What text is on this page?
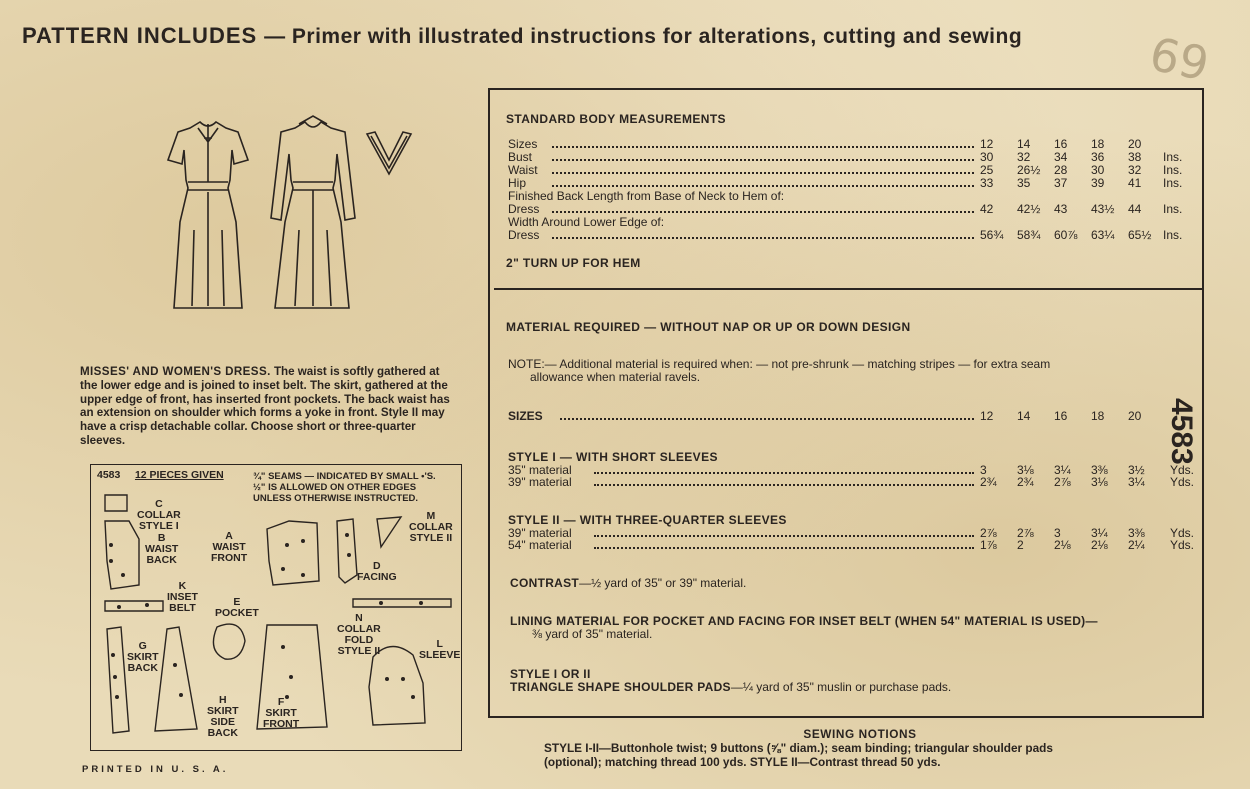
PATTERN INCLUDES — Primer with illustrated instructions for alterations, cutting and sewing	69
4583
MISSES' AND WOMEN'S DRESS. The waist is softly gathered at the lower edge and is joined to inset belt. The skirt, gathered at the upper edge of front, has inserted front pockets. The back waist has an extension on shoulder which forms a yoke in front. Style II may have a crisp detachable collar. Choose short or three-quarter sleeves.
4583 12 PIECES GIVEN	¾" SEAMS — INDICATED BY SMALL •'S.
½" IS ALLOWED ON OTHER EDGES
UNLESS OTHERWISE INSTRUCTED.
C
COLLAR
STYLE I
B
WAIST
BACK
A
WAIST
FRONT
M
COLLAR
STYLE II
D
FACING
K
INSET
BELT	E
POCKET	N
COLLAR
FOLD
STYLE II
L
SLEEVE
G
SKIRT
BACK
H
SKIRT
SIDE
BACK
F
SKIRT
FRONT
PRINTED IN U. S. A.
STANDARD BODY MEASUREMENTS
Sizes	12	14	16	18	20
Bust	30	32	34	36	38	Ins.
Waist	25	26½ 28	30	32	Ins.
Hip	33	35	37	39	41	Ins.
Finished Back Length from Base of Neck to Hem of:
Dress	42	42½ 43	43½ 44	Ins.
Width Around Lower Edge of:
Dress	56¾ 58¾ 60⅞ 63¼ 65½ Ins.
2" TURN UP FOR HEM
MATERIAL REQUIRED — WITHOUT NAP OR UP OR DOWN DESIGN
NOTE:— Additional material is required when: — not pre-shrunk — matching stripes — for extra seam
allowance when material ravels.
SIZES	12	14	16	18	20
35" material	3	3⅛	3¼	3⅜	3½	Yds.
39" material	2¾	2¾	2⅞	3⅛	3¼	Yds.
39" material	2⅞	2⅞	3	3¼	3⅜	Yds.
54" material	1⅞	2	2⅛	2⅛	2¼	Yds.
STYLE I — WITH SHORT SLEEVES
STYLE II — WITH THREE-QUARTER SLEEVES
CONTRAST—½ yard of 35" or 39" material.
LINING MATERIAL FOR POCKET AND FACING FOR INSET BELT (WHEN 54" MATERIAL IS USED)—
⅜ yard of 35" material.
STYLE I OR II
TRIANGLE SHAPE SHOULDER PADS—¼ yard of 35" muslin or purchase pads.
SEWING NOTIONS
STYLE I-II—Buttonhole twist; 9 buttons (⅝" diam.); seam binding; triangular shoulder pads
(optional); matching thread 100 yds. STYLE II—Contrast thread 50 yds.
